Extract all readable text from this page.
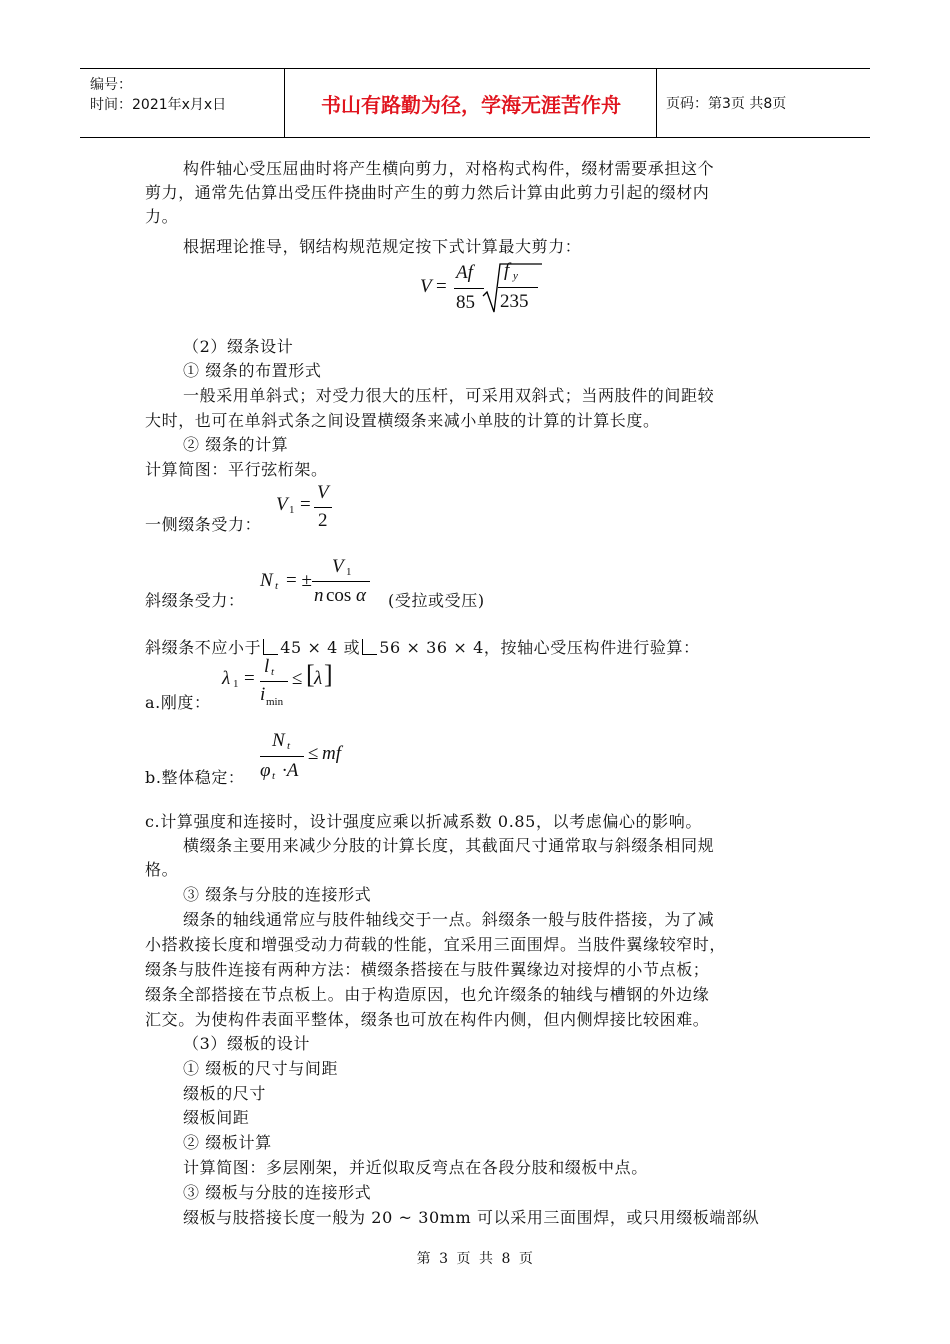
编号：
时间：2021年x月x日	书山有路勤为径，学海无涯苦作舟	页码：第3页 共8页
构件轴心受压屈曲时将产生横向剪力，对格构式构件，缀材需要承担这个
剪力，通常先估算出受压件挠曲时产生的剪力然后计算由此剪力引起的缀材内
力。
根据理论推导，钢结构规范规定按下式计算最大剪力：
V =
Af
85
f y
235
（2）缀条设计
① 缀条的布置形式
一般采用单斜式；对受力很大的压杆，可采用双斜式；当两肢件的间距较
大时，也可在单斜式条之间设置横缀条来减小单肢的计算的计算长度。
② 缀条的计算
计算简图：平行弦桁架。
一侧缀条受力：
V 1 =
V
2
斜缀条受力：
N t = ±
V 1
n cos α (受拉或受压)
斜缀条不应小于 45 × 4 或 56 × 36 × 4，按轴心受压构件进行验算：
λ 1 =
l t
i min
≤ [ λ ]
a.刚度：
N t
φ t ·A
≤ mf
b.整体稳定：
c.计算强度和连接时，设计强度应乘以折减系数 0.85，以考虑偏心的影响。
横缀条主要用来减少分肢的计算长度，其截面尺寸通常取与斜缀条相同规
格。
③ 缀条与分肢的连接形式
缀条的轴线通常应与肢件轴线交于一点。斜缀条一般与肢件搭接，为了减
小搭救接长度和增强受动力荷载的性能，宜采用三面围焊。当肢件翼缘较窄时，
缀条与肢件连接有两种方法：横缀条搭接在与肢件翼缘边对接焊的小节点板；
缀条全部搭接在节点板上。由于构造原因，也允许缀条的轴线与槽钢的外边缘
汇交。为使构件表面平整体，缀条也可放在构件内侧，但内侧焊接比较困难。
（3）缀板的设计
① 缀板的尺寸与间距
缀板的尺寸
缀板间距
② 缀板计算
计算简图：多层刚架，并近似取反弯点在各段分肢和缀板中点。
③ 缀板与分肢的连接形式
缀板与肢搭接长度一般为 20 ~ 30mm 可以采用三面围焊，或只用缀板端部纵
第 3 页 共 8 页
